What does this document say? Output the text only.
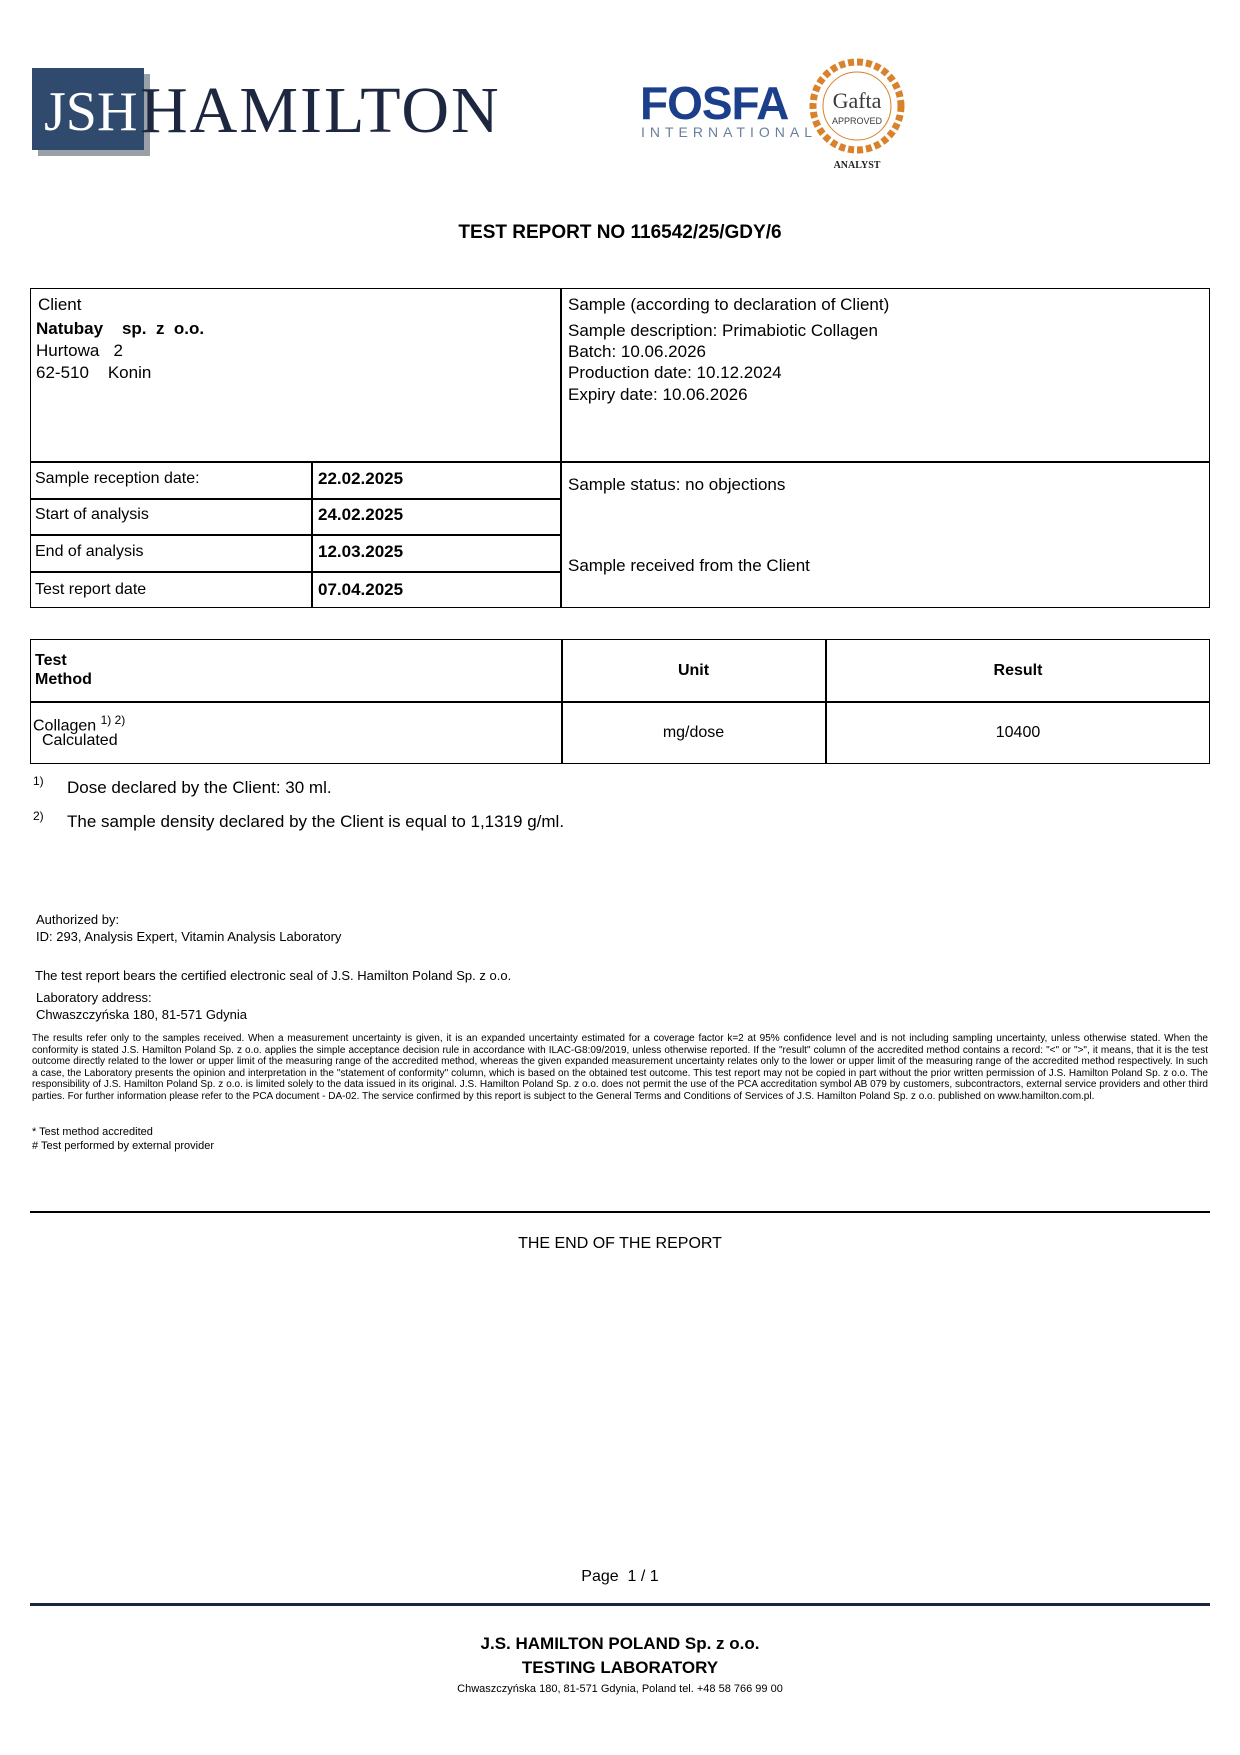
JSH HAMILTON	FOSFA
INTERNATIONAL
Gafta
APPROVED
ANALYST
TEST REPORT NO 116542/25/GDY/6
Client
Natubay    sp.  z  o.o.
Hurtowa   2
62-510    Konin
Sample (according to declaration of Client)
Sample description: Primabiotic Collagen
Batch: 10.06.2026
Production date: 10.12.2024
Expiry date: 10.06.2026
Sample status: no objections
Sample received from the Client
Sample reception date:	22.02.2025
Start of analysis	24.02.2025
End of analysis	12.03.2025
Test report date	07.04.2025
Test
Method
Unit	Result
Collagen $^{1) 2)}$
Calculated	mg/dose	10400
1) Dose declared by the Client: 30 ml.
2) The sample density declared by the Client is equal to 1,1319 g/ml.
Authorized by:
ID: 293, Analysis Expert, Vitamin Analysis Laboratory
The test report bears the certified electronic seal of J.S. Hamilton Poland Sp. z o.o.
Laboratory address:
Chwaszczyńska 180, 81-571 Gdynia
The results refer only to the samples received. When a measurement uncertainty is given, it is an expanded uncertainty estimated for a coverage factor k=2 at 95% confidence level and is not including sampling uncertainty, unless otherwise stated. When the conformity is stated J.S. Hamilton Poland Sp. z o.o. applies the simple acceptance decision rule in accordance with ILAC-G8:09/2019, unless otherwise reported. If the "result" column of the accredited method contains a record: "<" or ">", it means, that it is the test outcome directly related to the lower or upper limit of the measuring range of the accredited method, whereas the given expanded measurement uncertainty relates only to the lower or upper limit of the measuring range of the accredited method respectively. In such a case, the Laboratory presents the opinion and interpretation in the "statement of conformity" column, which is based on the obtained test outcome. This test report may not be copied in part without the prior written permission of J.S. Hamilton Poland Sp. z o.o. The responsibility of J.S. Hamilton Poland Sp. z o.o. is limited solely to the data issued in its original. J.S. Hamilton Poland Sp. z o.o. does not permit the use of the PCA accreditation symbol AB 079 by customers, subcontractors, external service providers and other third parties. For further information please refer to the PCA document - DA-02. The service confirmed by this report is subject to the General Terms and Conditions of Services of J.S. Hamilton Poland Sp. z o.o. published on www.hamilton.com.pl.
* Test method accredited
# Test performed by external provider
THE END OF THE REPORT
Page  1 / 1
J.S. HAMILTON POLAND Sp. z o.o.
TESTING LABORATORY
Chwaszczyńska 180, 81-571 Gdynia, Poland tel. +48 58 766 99 00
